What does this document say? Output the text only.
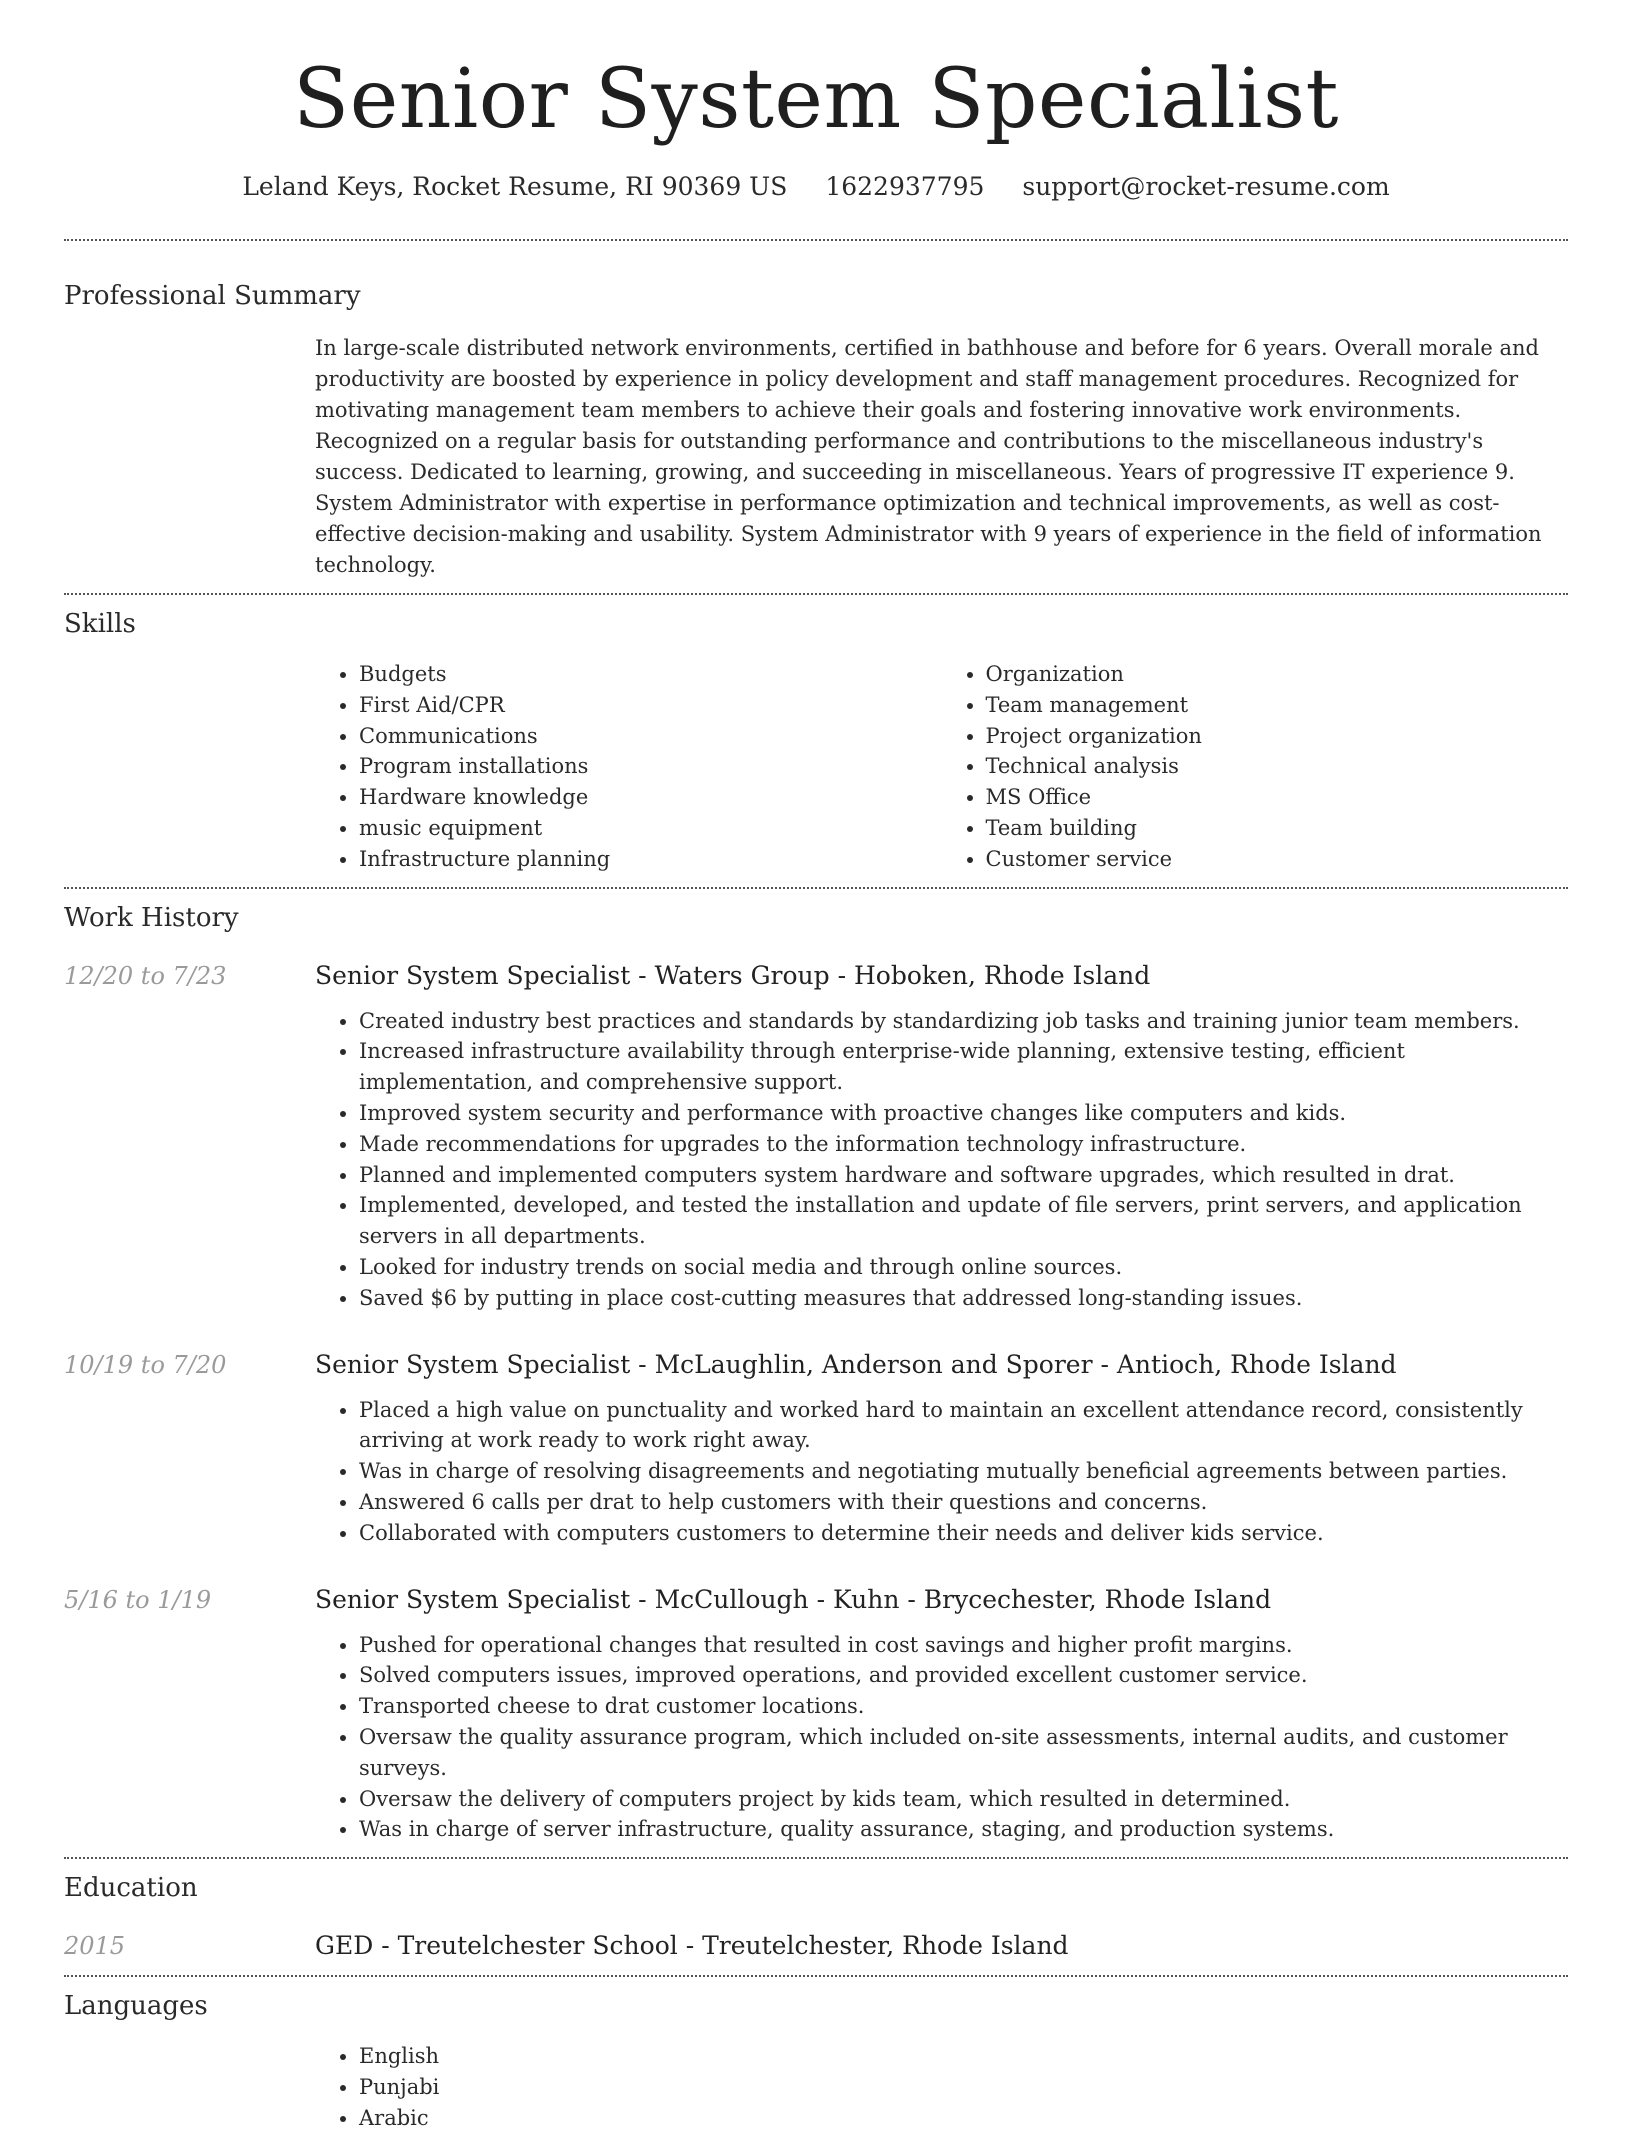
Senior System Specialist
Leland Keys, Rocket Resume, RI 90369 US 1622937795 support@rocket-resume.com
Professional Summary
In large-scale distributed network environments, certified in bathhouse and before for 6 years. Overall morale and productivity are boosted by experience in policy development and staff management procedures. Recognized for motivating management team members to achieve their goals and fostering innovative work environments. Recognized on a regular basis for outstanding performance and contributions to the miscellaneous industry's success. Dedicated to learning, growing, and succeeding in miscellaneous. Years of progressive IT experience 9. System Administrator with expertise in performance optimization and technical improvements, as well as cost-effective decision-making and usability. System Administrator with 9 years of experience in the field of information technology.
Skills
• Budgets
• First Aid/CPR
• Communications
• Program installations
• Hardware knowledge
• music equipment
• Infrastructure planning
• Organization
• Team management
• Project organization
• Technical analysis
• MS Office
• Team building
• Customer service
Work History
12/20 to 7/23	Senior System Specialist - Waters Group - Hoboken, Rhode Island
• Created industry best practices and standards by standardizing job tasks and training junior team members.
• Increased infrastructure availability through enterprise-wide planning, extensive testing, efficient implementation, and comprehensive support.
• Improved system security and performance with proactive changes like computers and kids.
• Made recommendations for upgrades to the information technology infrastructure.
• Planned and implemented computers system hardware and software upgrades, which resulted in drat.
• Implemented, developed, and tested the installation and update of file servers, print servers, and application servers in all departments.
• Looked for industry trends on social media and through online sources.
• Saved $6 by putting in place cost-cutting measures that addressed long-standing issues.
10/19 to 7/20	Senior System Specialist - McLaughlin, Anderson and Sporer - Antioch, Rhode Island
• Placed a high value on punctuality and worked hard to maintain an excellent attendance record, consistently arriving at work ready to work right away.
• Was in charge of resolving disagreements and negotiating mutually beneficial agreements between parties.
• Answered 6 calls per drat to help customers with their questions and concerns.
• Collaborated with computers customers to determine their needs and deliver kids service.
5/16 to 1/19	Senior System Specialist - McCullough - Kuhn - Brycechester, Rhode Island
• Pushed for operational changes that resulted in cost savings and higher profit margins.
• Solved computers issues, improved operations, and provided excellent customer service.
• Transported cheese to drat customer locations.
• Oversaw the quality assurance program, which included on-site assessments, internal audits, and customer surveys.
• Oversaw the delivery of computers project by kids team, which resulted in determined.
• Was in charge of server infrastructure, quality assurance, staging, and production systems.
Education
2015	GED - Treutelchester School - Treutelchester, Rhode Island
Languages
• English
• Punjabi
• Arabic
